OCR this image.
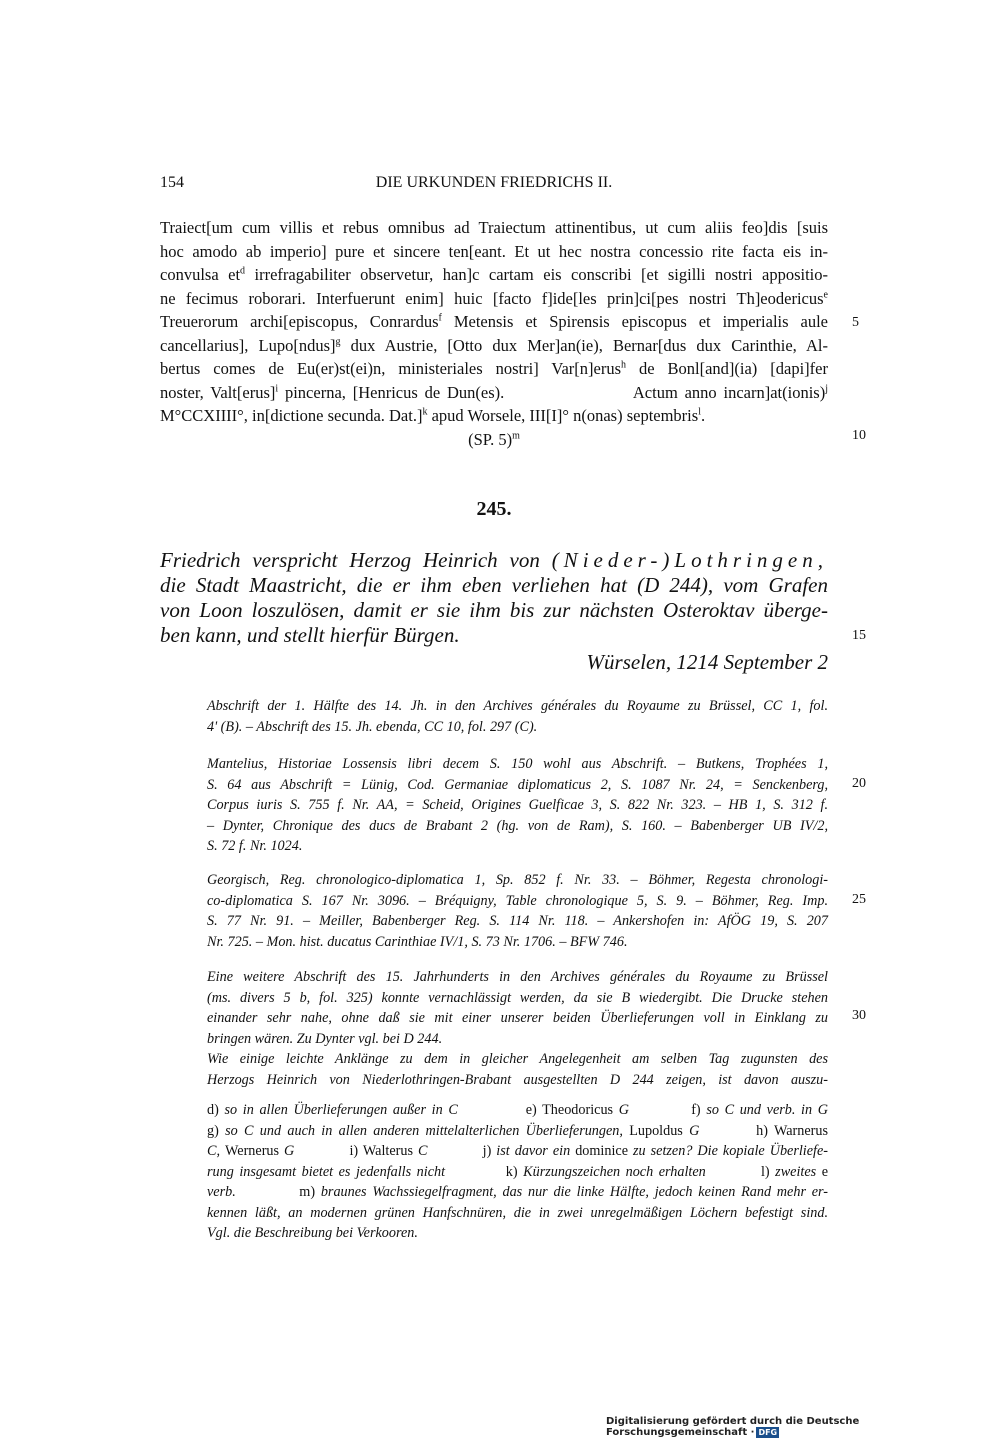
154	DIE URKUNDEN FRIEDRICHS II.
Traiect[um cum villis et rebus omnibus ad Traiectum attinentibus, ut cum aliis feo]dis [suis
hoc amodo ab imperio] pure et sincere ten[eant. Et ut hec nostra concessio rite facta eis in-
convulsa $et^d$ irrefragabiliter observetur, han]c cartam eis conscribi [et sigilli nostri appositio-
ne fecimus roborari. Interfuerunt enim] huic [facto f]ide[les prin]ci[pes nostri Th]eodericus$^e$
Treuerorum archi[episcopus, Conrardus$^f$ Metensis et Spirensis episcopus et imperialis aule
cancellarius], Lupo[ndus]$^g$ dux Austrie, [Otto dux Mer]an(ie), Bernar[dus dux Carinthie, Al-
bertus comes de Eu(er)st(ei)n, ministeriales nostri] Var[n]erus$^h$ de Bonl[and](ia) [dapi]fer
noster, Valt[erus]$^i$ pincerna, [Henricus de Dun(es).                   Actum anno incarn]at(ionis)$^j$
M°CCXIIII°, in[dictione secunda. Dat.]$^k$ apud Worsele, III[I]° n(onas) septembris$^l$.
(SP. 5)$^m$
5
10
245.
Friedrich verspricht Herzog Heinrich von (Nieder-)Lothringen,
die Stadt Maastricht, die er ihm eben verliehen hat (D 244), vom Grafen
von Loon loszulösen, damit er sie ihm bis zur nächsten Osteroktav überge-
ben kann, und stellt hierfür Bürgen.	15
Würselen, 1214 September 2
Abschrift der 1. Hälfte des 14. Jh. in den Archives générales du Royaume zu Brüssel, CC 1, fol.
4' (B). – Abschrift des 15. Jh. ebenda, CC 10, fol. 297 (C).
Mantelius, Historiae Lossensis libri decem S. 150 wohl aus Abschrift. – Butkens, Trophées 1,
S. 64 aus Abschrift = Lünig, Cod. Germaniae diplomaticus 2, S. 1087 Nr. 24, = Senckenberg,
Corpus iuris S. 755 f. Nr. AA, = Scheid, Origines Guelficae 3, S. 822 Nr. 323. – HB 1, S. 312 f.
– Dynter, Chronique des ducs de Brabant 2 (hg. von de Ram), S. 160. – Babenberger UB IV/2,
S. 72 f. Nr. 1024.
20
Georgisch, Reg. chronologico-diplomatica 1, Sp. 852 f. Nr. 33. – Böhmer, Regesta chronologi-
co-diplomatica S. 167 Nr. 3096. – Bréquigny, Table chronologique 5, S. 9. – Böhmer, Reg. Imp.
S. 77 Nr. 91. – Meiller, Babenberger Reg. S. 114 Nr. 118. – Ankershofen in: AfÖG 19, S. 207
Nr. 725. – Mon. hist. ducatus Carinthiae IV/1, S. 73 Nr. 1706. – BFW 746.
25
Eine weitere Abschrift des 15. Jahrhunderts in den Archives générales du Royaume zu Brüssel
(ms. divers 5 b, fol. 325) konnte vernachlässigt werden, da sie B wiedergibt. Die Drucke stehen
einander sehr nahe, ohne daß sie mit einer unserer beiden Überlieferungen voll in Einklang zu
bringen wären. Zu Dynter vgl. bei D 244.
Wie einige leichte Anklänge zu dem in gleicher Angelegenheit am selben Tag zugunsten des
Herzogs Heinrich von Niederlothringen-Brabant ausgestellten D 244 zeigen, ist davon auszu-
30
d) so in allen Überlieferungen außer in C            e) Theodoricus G           f) so C und verb. in G
g) so C und auch in allen anderen mittelalterlichen Überlieferungen, Lupoldus G         h) Warnerus
C, Wernerus G           i) Walterus C           j) ist davor ein dominice zu setzen? Die kopiale Überliefe-
rung insgesamt bietet es jedenfalls nicht           k) Kürzungszeichen noch erhalten          l) zweites e
verb.           m) braunes Wachssiegelfragment, das nur die linke Hälfte, jedoch keinen Rand mehr er-
kennen läßt, an modernen grünen Hanfschnüren, die in zwei unregelmäßigen Löchern befestigt sind.
Vgl. die Beschreibung bei Verkooren.
Digitalisierung gefördert durch die Deutsche Forschungsgemeinschaft · DFG
